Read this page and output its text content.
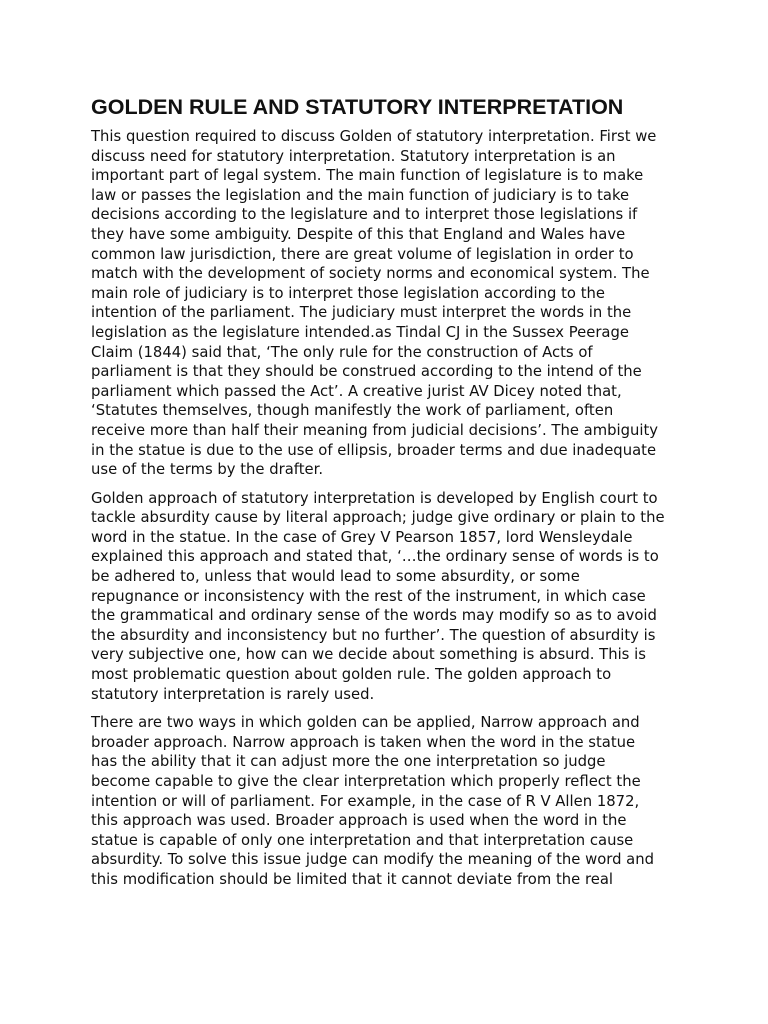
GOLDEN RULE AND STATUTORY INTERPRETATION

This question required to discuss Golden of statutory interpretation. First we
discuss need for statutory interpretation. Statutory interpretation is an
important part of legal system. The main function of legislature is to make
law or passes the legislation and the main function of judiciary is to take
decisions according to the legislature and to interpret those legislations if
they have some ambiguity. Despite of this that England and Wales have
common law jurisdiction, there are great volume of legislation in order to
match with the development of society norms and economical system. The
main role of judiciary is to interpret those legislation according to the
intention of the parliament. The judiciary must interpret the words in the
legislation as the legislature intended.as Tindal CJ in the Sussex Peerage
Claim (1844) said that, ‘The only rule for the construction of Acts of
parliament is that they should be construed according to the intend of the
parliament which passed the Act’. A creative jurist AV Dicey noted that,
‘Statutes themselves, though manifestly the work of parliament, often
receive more than half their meaning from judicial decisions’. The ambiguity
in the statue is due to the use of ellipsis, broader terms and due inadequate
use of the terms by the drafter.

Golden approach of statutory interpretation is developed by English court to
tackle absurdity cause by literal approach; judge give ordinary or plain to the
word in the statue. In the case of Grey V Pearson 1857, lord Wensleydale
explained this approach and stated that, ‘…the ordinary sense of words is to
be adhered to, unless that would lead to some absurdity, or some
repugnance or inconsistency with the rest of the instrument, in which case
the grammatical and ordinary sense of the words may modify so as to avoid
the absurdity and inconsistency but no further’. The question of absurdity is
very subjective one, how can we decide about something is absurd. This is
most problematic question about golden rule. The golden approach to
statutory interpretation is rarely used.

There are two ways in which golden can be applied, Narrow approach and
broader approach. Narrow approach is taken when the word in the statue
has the ability that it can adjust more the one interpretation so judge
become capable to give the clear interpretation which properly reflect the
intention or will of parliament. For example, in the case of R V Allen 1872,
this approach was used. Broader approach is used when the word in the
statue is capable of only one interpretation and that interpretation cause
absurdity. To solve this issue judge can modify the meaning of the word and
this modification should be limited that it cannot deviate from the real
